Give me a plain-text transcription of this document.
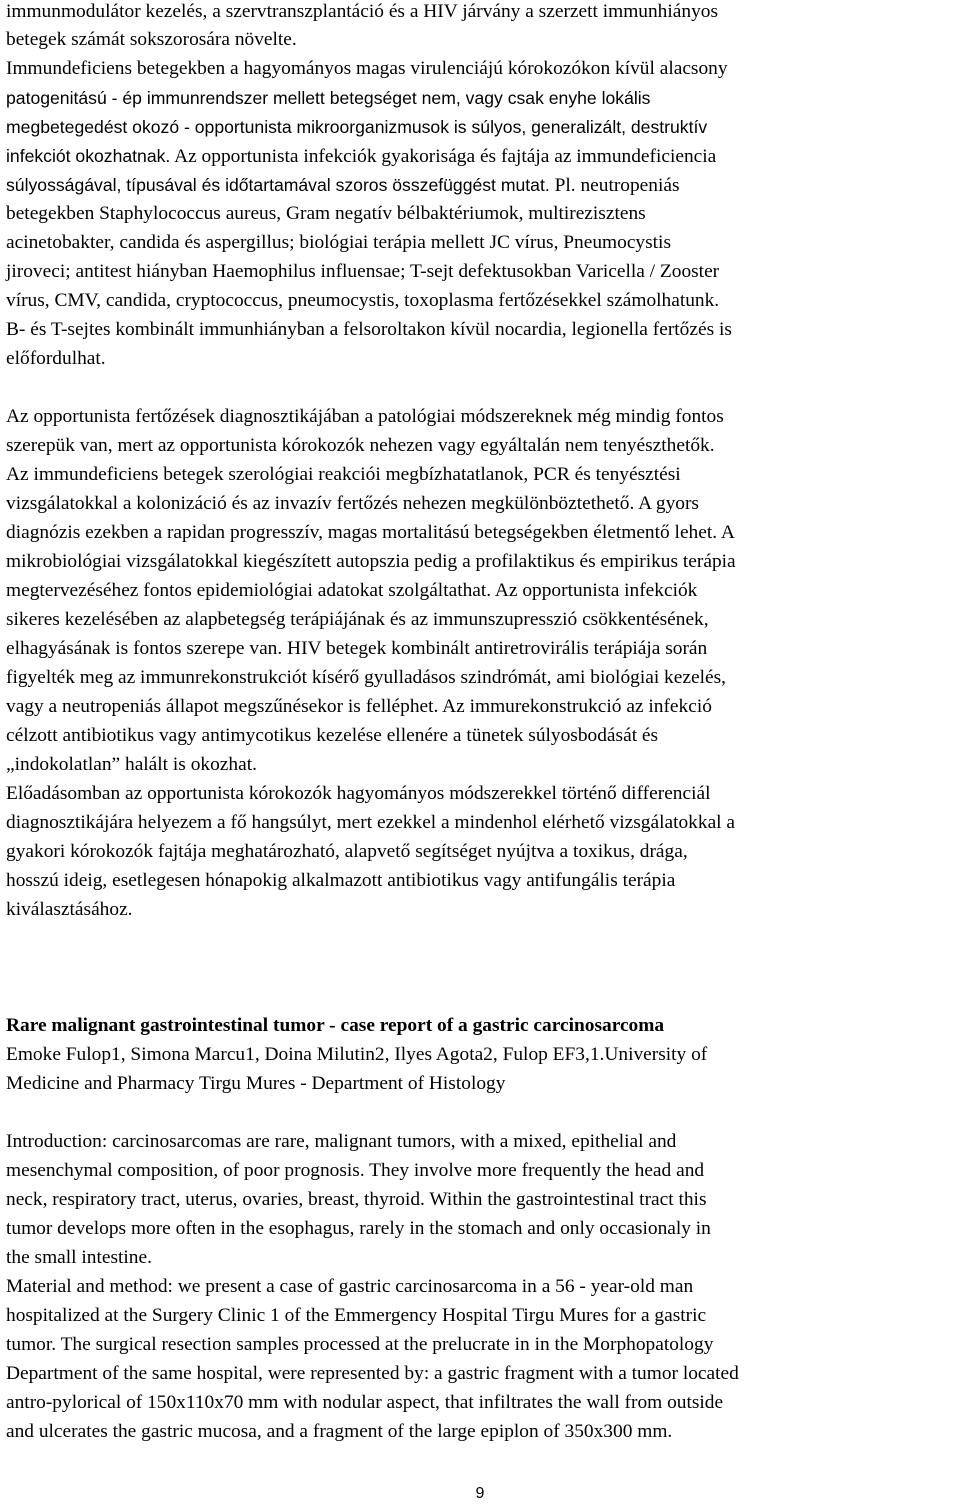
immunmodulátor kezelés, a szervtranszplantáció és a HIV járvány a szerzett immunhiányos
betegek számát sokszorosára növelte.
Immundeficiens betegekben a hagyományos magas virulenciájú kórokozókon kívül alacsony
patogenitású - ép immunrendszer mellett betegséget nem, vagy csak enyhe lokális
megbetegedést okozó - opportunista mikroorganizmusok is súlyos, generalizált, destruktív
infekciót okozhatnak. Az opportunista infekciók gyakorisága és fajtája az immundeficiencia
súlyosságával, típusával és időtartamával szoros összefüggést mutat. Pl. neutropeniás
betegekben Staphylococcus aureus, Gram negatív bélbaktériumok, multirezisztens
acinetobakter, candida és aspergillus; biológiai terápia mellett JC vírus, Pneumocystis
jiroveci; antitest hiányban Haemophilus influensae; T-sejt defektusokban Varicella / Zooster
vírus, CMV, candida, cryptococcus, pneumocystis, toxoplasma fertőzésekkel számolhatunk.
B- és T-sejtes kombinált immunhiányban a felsoroltakon kívül nocardia, legionella fertőzés is
előfordulhat.
Az opportunista fertőzések diagnosztikájában a patológiai módszereknek még mindig fontos
szerepük van, mert az opportunista kórokozók nehezen vagy egyáltalán nem tenyészthetők.
Az immundeficiens betegek szerológiai reakciói megbízhatatlanok, PCR és tenyésztési
vizsgálatokkal a kolonizáció és az invazív fertőzés nehezen megkülönböztethető. A gyors
diagnózis ezekben a rapidan progresszív, magas mortalitású betegségekben életmentő lehet. A
mikrobiológiai vizsgálatokkal kiegészített autopszia pedig a profilaktikus és empirikus terápia
megtervezéséhez fontos epidemiológiai adatokat szolgáltathat. Az opportunista infekciók
sikeres kezelésében az alapbetegség terápiájának és az immunszupresszió csökkentésének,
elhagyásának is fontos szerepe van. HIV betegek kombinált antiretrovirális terápiája során
figyelték meg az immunrekonstrukciót kísérő gyulladásos szindrómát, ami biológiai kezelés,
vagy a neutropeniás állapot megszűnésekor is felléphet. Az immurekonstrukció az infekció
célzott antibiotikus vagy antimycotikus kezelése ellenére a tünetek súlyosbodását és
„indokolatlan” halált is okozhat.
Előadásomban az opportunista kórokozók hagyományos módszerekkel történő differenciál
diagnosztikájára helyezem a fő hangsúlyt, mert ezekkel a mindenhol elérhető vizsgálatokkal a
gyakori kórokozók fajtája meghatározható, alapvető segítséget nyújtva a toxikus, drága,
hosszú ideig, esetlegesen hónapokig alkalmazott antibiotikus vagy antifungális terápia
kiválasztásához.
Rare malignant gastrointestinal tumor - case report of a gastric carcinosarcoma
Emoke Fulop1, Simona Marcu1, Doina Milutin2, Ilyes Agota2, Fulop EF3,1.University of
Medicine and Pharmacy Tirgu Mures - Department of Histology
Introduction: carcinosarcomas are rare, malignant tumors, with a mixed, epithelial and
mesenchymal composition, of poor prognosis. They involve more frequently the head and
neck, respiratory tract, uterus, ovaries, breast, thyroid. Within the gastrointestinal tract this
tumor develops more often in the esophagus, rarely in the stomach and only occasionaly in
the small intestine.
Material and method: we present a case of gastric carcinosarcoma in a 56 - year-old man
hospitalized at the Surgery Clinic 1 of the Emmergency Hospital Tirgu Mures for a gastric
tumor. The surgical resection samples processed at the prelucrate in in the Morphopatology
Department of the same hospital, were represented by: a gastric fragment with a tumor located
antro-pylorical of 150x110x70 mm with nodular aspect, that infiltrates the wall from outside
and ulcerates the gastric mucosa, and a fragment of the large epiplon of 350x300 mm.
9
